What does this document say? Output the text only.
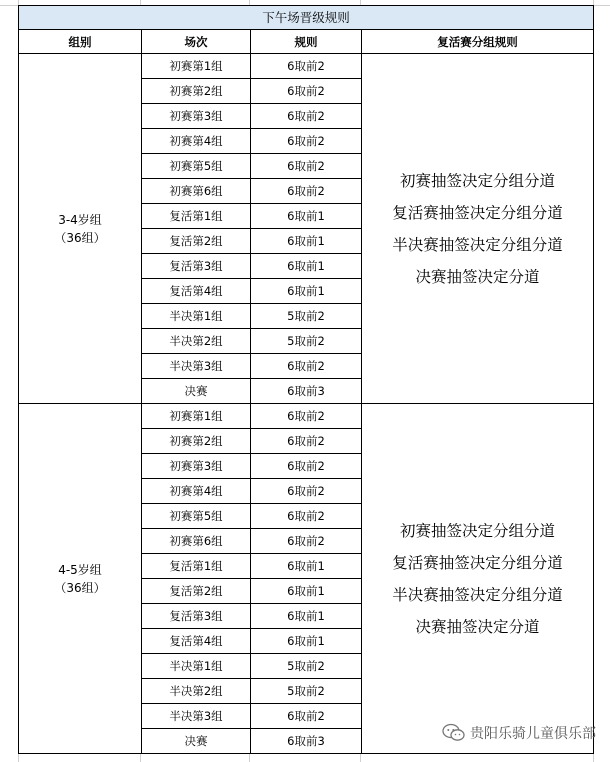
下午场晋级规则			
组别	场次	规则	复活赛分组规则

3-4岁组
（36组）	初赛第1组	6取前2	初赛抽签决定分组分道
复活赛抽签决定分组分道
半决赛抽签决定分组分道
决赛抽签决定分道

	初赛第2组	6取前2	
	初赛第3组	6取前2	
	初赛第4组	6取前2	
	初赛第5组	6取前2	
	初赛第6组	6取前2	
	复活第1组	6取前1	
	复活第2组	6取前1	
	复活第3组	6取前1	
	复活第4组	6取前1	
	半决第1组	5取前2	
	半决第2组	5取前2	
	半决第3组	6取前2	
	决赛	6取前3	

4-5岁组
（36组）	初赛第1组	6取前2	初赛抽签决定分组分道
复活赛抽签决定分组分道
半决赛抽签决定分组分道
决赛抽签决定分道

	初赛第2组	6取前2	
	初赛第3组	6取前2	
	初赛第4组	6取前2	
	初赛第5组	6取前2	
	初赛第6组	6取前2	
	复活第1组	6取前1	
	复活第2组	6取前1	
	复活第3组	6取前1	
	复活第4组	6取前1	
	半决第1组	5取前2	
	半决第2组	5取前2	
	半决第3组	6取前2	
	决赛	6取前3		贵阳乐骑儿童俱乐部
